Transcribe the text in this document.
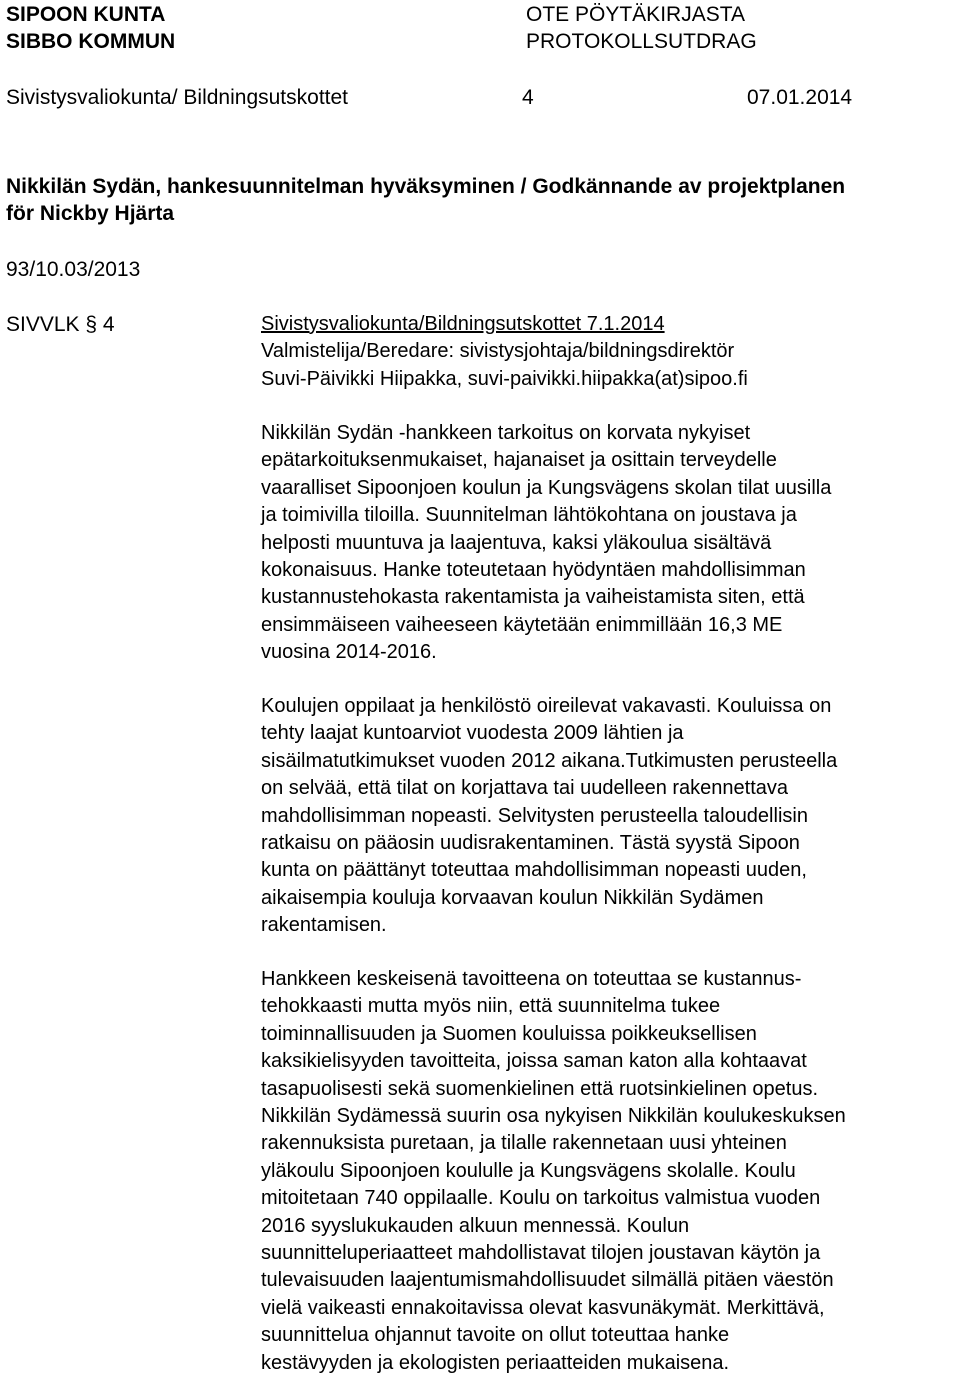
SIPOON KUNTA
SIBBO KOMMUN
OTE PÖYTÄKIRJASTA
PROTOKOLLSUTDRAG
Sivistysvaliokunta/ Bildningsutskottet	4	07.01.2014
Nikkilän Sydän, hankesuunnitelman hyväksyminen / Godkännande av projektplanen
för Nickby Hjärta
93/10.03/2013
SIVVLK § 4	Sivistysvaliokunta/Bildningsutskottet 7.1.2014
Valmistelija/Beredare: sivistysjohtaja/bildningsdirektör
Suvi-Päivikki Hiipakka, suvi-paivikki.hiipakka(at)sipoo.fi

Nikkilän Sydän -hankkeen tarkoitus on korvata nykyiset

epätarkoituksenmukaiset, hajanaiset ja osittain terveydelle

vaaralliset Sipoonjoen koulun ja Kungsvägens skolan tilat uusilla

ja toimivilla tiloilla. Suunnitelman lähtökohtana on joustava ja

helposti muuntuva ja laajentuva, kaksi yläkoulua sisältävä

kokonaisuus. Hanke toteutetaan hyödyntäen mahdollisimman

kustannustehokasta rakentamista ja vaiheistamista siten, että

ensimmäiseen vaiheeseen käytetään enimmillään 16,3 ME

vuosina 2014-2016.

Koulujen oppilaat ja henkilöstö oireilevat vakavasti. Kouluissa on

tehty laajat kuntoarviot vuodesta 2009 lähtien ja

sisäilmatutkimukset vuoden 2012 aikana.Tutkimusten perusteella

on selvää, että tilat on korjattava tai uudelleen rakennettava

mahdollisimman nopeasti. Selvitysten perusteella taloudellisin

ratkaisu on pääosin uudisrakentaminen. Tästä syystä Sipoon

kunta on päättänyt toteuttaa mahdollisimman nopeasti uuden,

aikaisempia kouluja korvaavan koulun Nikkilän Sydämen

rakentamisen.

Hankkeen keskeisenä tavoitteena on toteuttaa se kustannus-

tehokkaasti mutta myös niin, että suunnitelma tukee

toiminnallisuuden ja Suomen kouluissa poikkeuksellisen

kaksikielisyyden tavoitteita, joissa saman katon alla kohtaavat

tasapuolisesti sekä suomenkielinen että ruotsinkielinen opetus.

Nikkilän Sydämessä suurin osa nykyisen Nikkilän koulukeskuksen

rakennuksista puretaan, ja tilalle rakennetaan uusi yhteinen

yläkoulu Sipoonjoen koululle ja Kungsvägens skolalle. Koulu

mitoitetaan 740 oppilaalle. Koulu on tarkoitus valmistua vuoden

2016 syyslukukauden alkuun mennessä. Koulun

suunnitteluperiaatteet mahdollistavat tilojen joustavan käytön ja

tulevaisuuden laajentumismahdollisuudet silmällä pitäen väestön

vielä vaikeasti ennakoitavissa olevat kasvunäkymät. Merkittävä,

suunnittelua ohjannut tavoite on ollut toteuttaa hanke

kestävyyden ja ekologisten periaatteiden mukaisena.
